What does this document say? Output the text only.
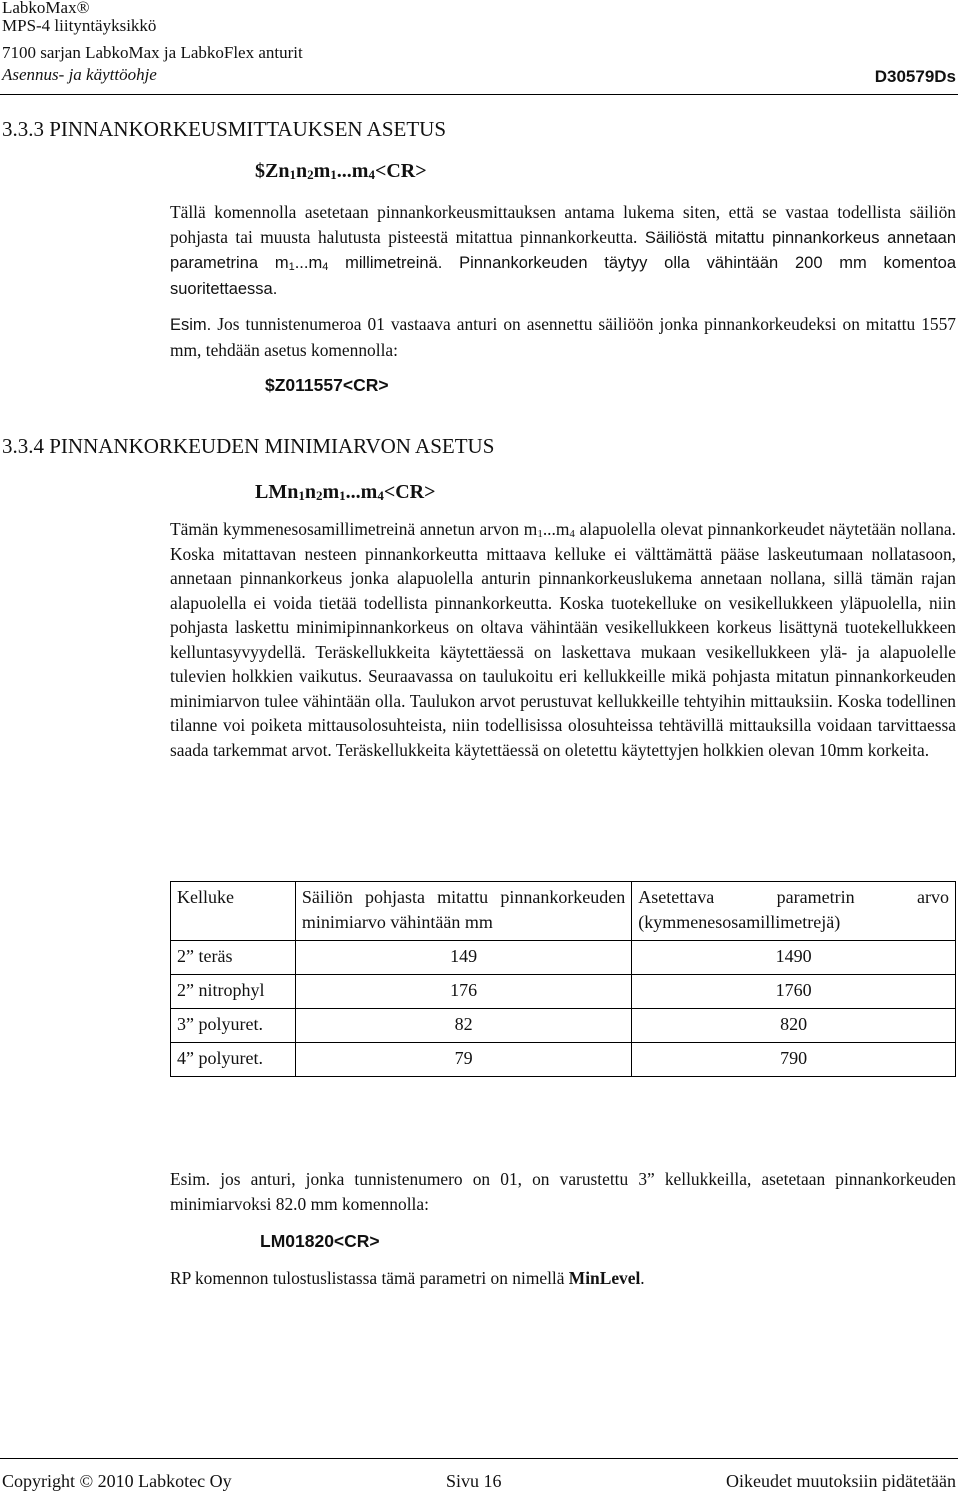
LabkoMax®
MPS-4 liityntäyksikkö
7100 sarjan LabkoMax ja LabkoFlex anturit
Asennus- ja käyttöohje	D30579Ds
3.3.3 PINNANKORKEUSMITTAUKSEN ASETUS
$\$Zn_1n_2m_1...m_4<CR>$
Tällä komennolla asetetaan pinnankorkeusmittauksen antama lukema siten, että se vastaa todellista säiliön pohjasta tai muusta halutusta pisteestä mitattua pinnankorkeutta. Säiliöstä mitattu pinnankorkeus annetaan parametrina $m_1...m_4$ millimetreinä. Pinnankorkeuden täytyy olla vähintään 200 mm komentoa suoritettaessa.
Esim. Jos tunnistenumeroa 01 vastaava anturi on asennettu säiliöön jonka pinnankorkeudeksi on mitattu 1557 mm, tehdään asetus komennolla:
$Z011557<CR>
3.3.4 PINNANKORKEUDEN MINIMIARVON ASETUS
$LMn_1n_2m_1...m_4<CR>$
Tämän kymmenesosamillimetreinä annetun arvon $m_1...m_4$ alapuolella olevat pinnankorkeudet näytetään nollana. Koska mitattavan nesteen pinnankorkeutta mittaava kelluke ei välttämättä pääse laskeutumaan nollatasoon, annetaan pinnankorkeus jonka alapuolella anturin pinnankorkeuslukema annetaan nollana, sillä tämän rajan alapuolella ei voida tietää todellista pinnankorkeutta. Koska tuotekelluke on vesikellukkeen yläpuolella, niin pohjasta laskettu minimipinnankorkeus on oltava vähintään vesikellukkeen korkeus lisättynä tuotekellukkeen kelluntasyvyydellä. Teräskellukkeita käytettäessä on laskettava mukaan vesikellukkeen ylä- ja alapuolelle tulevien holkkien vaikutus. Seuraavassa on taulukoitu eri kellukkeille mikä pohjasta mitatun pinnankorkeuden minimiarvon tulee vähintään olla. Taulukon arvot perustuvat kellukkeille tehtyihin mittauksiin. Koska todellinen tilanne voi poiketa mittausolosuhteista, niin todellisissa olosuhteissa tehtävillä mittauksilla voidaan tarvittaessa saada tarkemmat arvot. Teräskellukkeita käytettäessä on oletettu käytettyjen holkkien olevan 10mm korkeita.
Kelluke	Säiliön pohjasta mitattu pinnankorkeuden minimiarvo vähintään mm	Asetettava parametrin arvo (kymmenesosamillimetrejä)
2” teräs	149	1490
2” nitrophyl	176	1760
3” polyuret.	82	820
4” polyuret.	79	790
Esim. jos anturi, jonka tunnistenumero on 01, on varustettu 3” kellukkeilla, asetetaan pinnankorkeuden minimiarvoksi 82.0 mm komennolla:
LM01820<CR>
RP komennon tulostuslistassa tämä parametri on nimellä MinLevel.
Copyright © 2010 Labkotec Oy	Sivu 16	Oikeudet muutoksiin pidätetään
